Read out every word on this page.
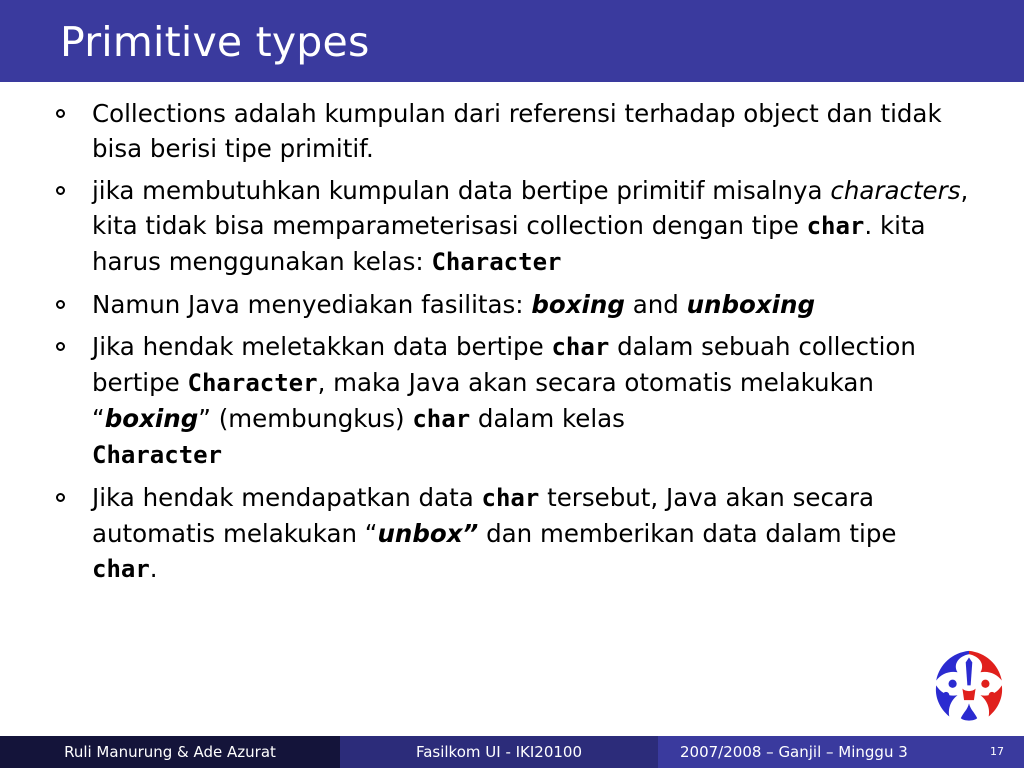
Primitive types
Collections adalah kumpulan dari referensi terhadap object dan tidak bisa berisi tipe primitif.
jika membutuhkan kumpulan data bertipe primitif misalnya characters, kita tidak bisa memparameterisasi collection dengan tipe char. kita harus menggunakan kelas: Character
Namun Java menyediakan fasilitas: boxing and unboxing
Jika hendak meletakkan data bertipe char dalam sebuah collection bertipe Character, maka Java akan secara otomatis melakukan “boxing” (membungkus) char dalam kelas
Character
Jika hendak mendapatkan data char tersebut, Java akan secara automatis melakukan “unbox” dan memberikan data dalam tipe
char.
Ruli Manurung & Ade Azurat	Fasilkom UI - IKI20100	2007/2008 – Ganjil – Minggu 3	17
